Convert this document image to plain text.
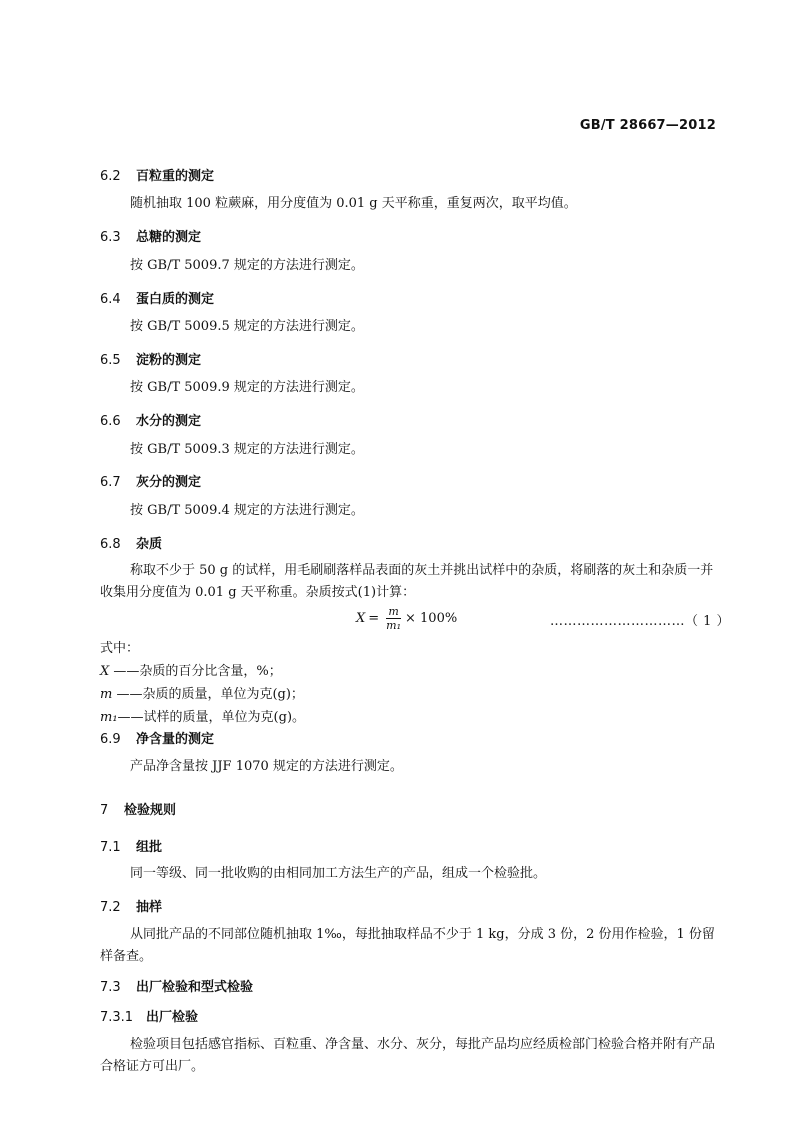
GB/T 28667—2012
6.2 百粒重的测定
随机抽取 100 粒蕨麻，用分度值为 0.01 g 天平称重，重复两次，取平均值。
6.3 总糖的测定
按 GB/T 5009.7 规定的方法进行测定。
6.4 蛋白质的测定
按 GB/T 5009.5 规定的方法进行测定。
6.5 淀粉的测定
按 GB/T 5009.9 规定的方法进行测定。
6.6 水分的测定
按 GB/T 5009.3 规定的方法进行测定。
6.7 灰分的测定
按 GB/T 5009.4 规定的方法进行测定。
6.8 杂质
称取不少于 50 g 的试样，用毛刷刷落样品表面的灰土并挑出试样中的杂质，将刷落的灰土和杂质一并收集用分度值为 0.01 g 天平称重。杂质按式(1)计算：
$X = \frac{m}{\text{m₁}} \times 100\%$	…………………………（ 1 ）
式中：
X ——杂质的百分比含量，%；
m ——杂质的质量，单位为克(g)；
m₁——试样的质量，单位为克(g)。
6.9 净含量的测定
产品净含量按 JJF 1070 规定的方法进行测定。
7 检验规则
7.1 组批
同一等级、同一批收购的由相同加工方法生产的产品，组成一个检验批。
7.2 抽样
从同批产品的不同部位随机抽取 1‰，每批抽取样品不少于 1 kg，分成 3 份，2 份用作检验，1 份留样备查。
7.3 出厂检验和型式检验
7.3.1 出厂检验
检验项目包括感官指标、百粒重、净含量、水分、灰分，每批产品均应经质检部门检验合格并附有产品合格证方可出厂。
